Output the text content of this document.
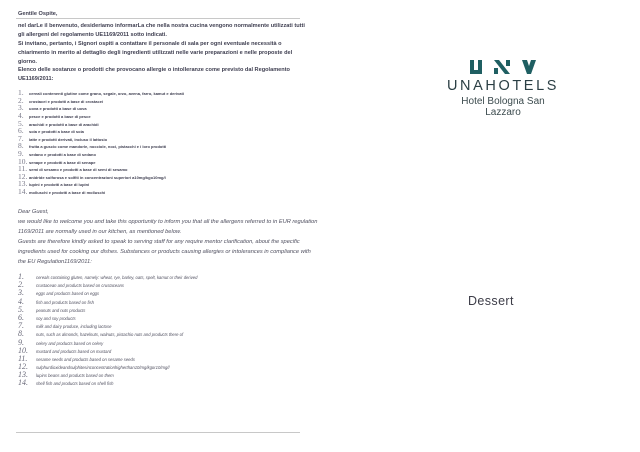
Gentile Ospite,

nel darLe il benvenuto, desideriamo informarLa che nella nostra cucina vengono normalmente utilizzati tutti gli allergeni del regolamento UE1169/2011 sotto indicati.

Si invitano, pertanto, i Signori ospiti a contattare il personale di sala per ogni eventuale necessità o chiarimento in merito al dettaglio degli ingredienti utilizzati nelle varie preparazioni e nelle proposte del giorno.

Elenco delle sostanze o prodotti che provocano allergie o intolleranze come previsto dal Regolamento UE1169/2011:

1.	cereali contenenti glutine come grano, segale, orzo, avena, farro, kamut e derivati
2.	crostacei e prodotti a base di crostacei
3.	uova e prodotti a base di uova
4.	pesce e prodotti a base di pesce
5.	arachidi e prodotti a base di arachidi
6.	soia e prodotti a base di soia
7.	latte e prodotti derivati, incluso il lattosio
8.	frutta a guscio come mandorle, nocciole, noci, pistacchi e i loro prodotti
9.	sedano e prodotti a base di sedano
10. senape e prodotti a base di senape
11. semi di sesamo e prodotti a base di semi di sesamo
12. anidride solforosa e solfiti in concentrazioni superiori a10mg/kgo10mg/l
13. lupini e prodotti a base di lupini
14. molluschi e prodotti a base di molluschi

Dear Guest,

we would like to welcome you and take this opportunity to inform you that all the allergens referred to in EUR regulation 1169/2011 are normally used in our kitchen, as mentioned below.

Guests are therefore kindly asked to speak to serving staff for any require mentor clarification, about the specific ingredients used for cooking our dishes. Substances or products causing allergies or intolerances in compliance with the EU Regulation1169/2011:

1.	cereals containing gluten, namely: wheat, rye, barley, oats, spelt, kamut or their derived
2.	crustacean and products based on crustaceans
3.	eggs and products based on eggs
4.	fish and products based on fish
5.	peanuts and nuts products
6.	soy and soy products
7.	milk and dairy produce, including lactose
8.	nuts, such as almonds, hazelnuts, walnuts, pistachio nuts and products there of
9.	celery and products based on celery
10.	mustard and products based on mustard
11.	sesame seeds and products based on sesame seeds
12.	sulphurdioxideandsulphitesinconcentrationhigherthan10/mg/kgor10/mg/l
13.	lupins beans and products based on them
14.	shell fish and products based on shell fish
UNAHOTELS
Hotel Bologna San Lazzaro
Dessert
